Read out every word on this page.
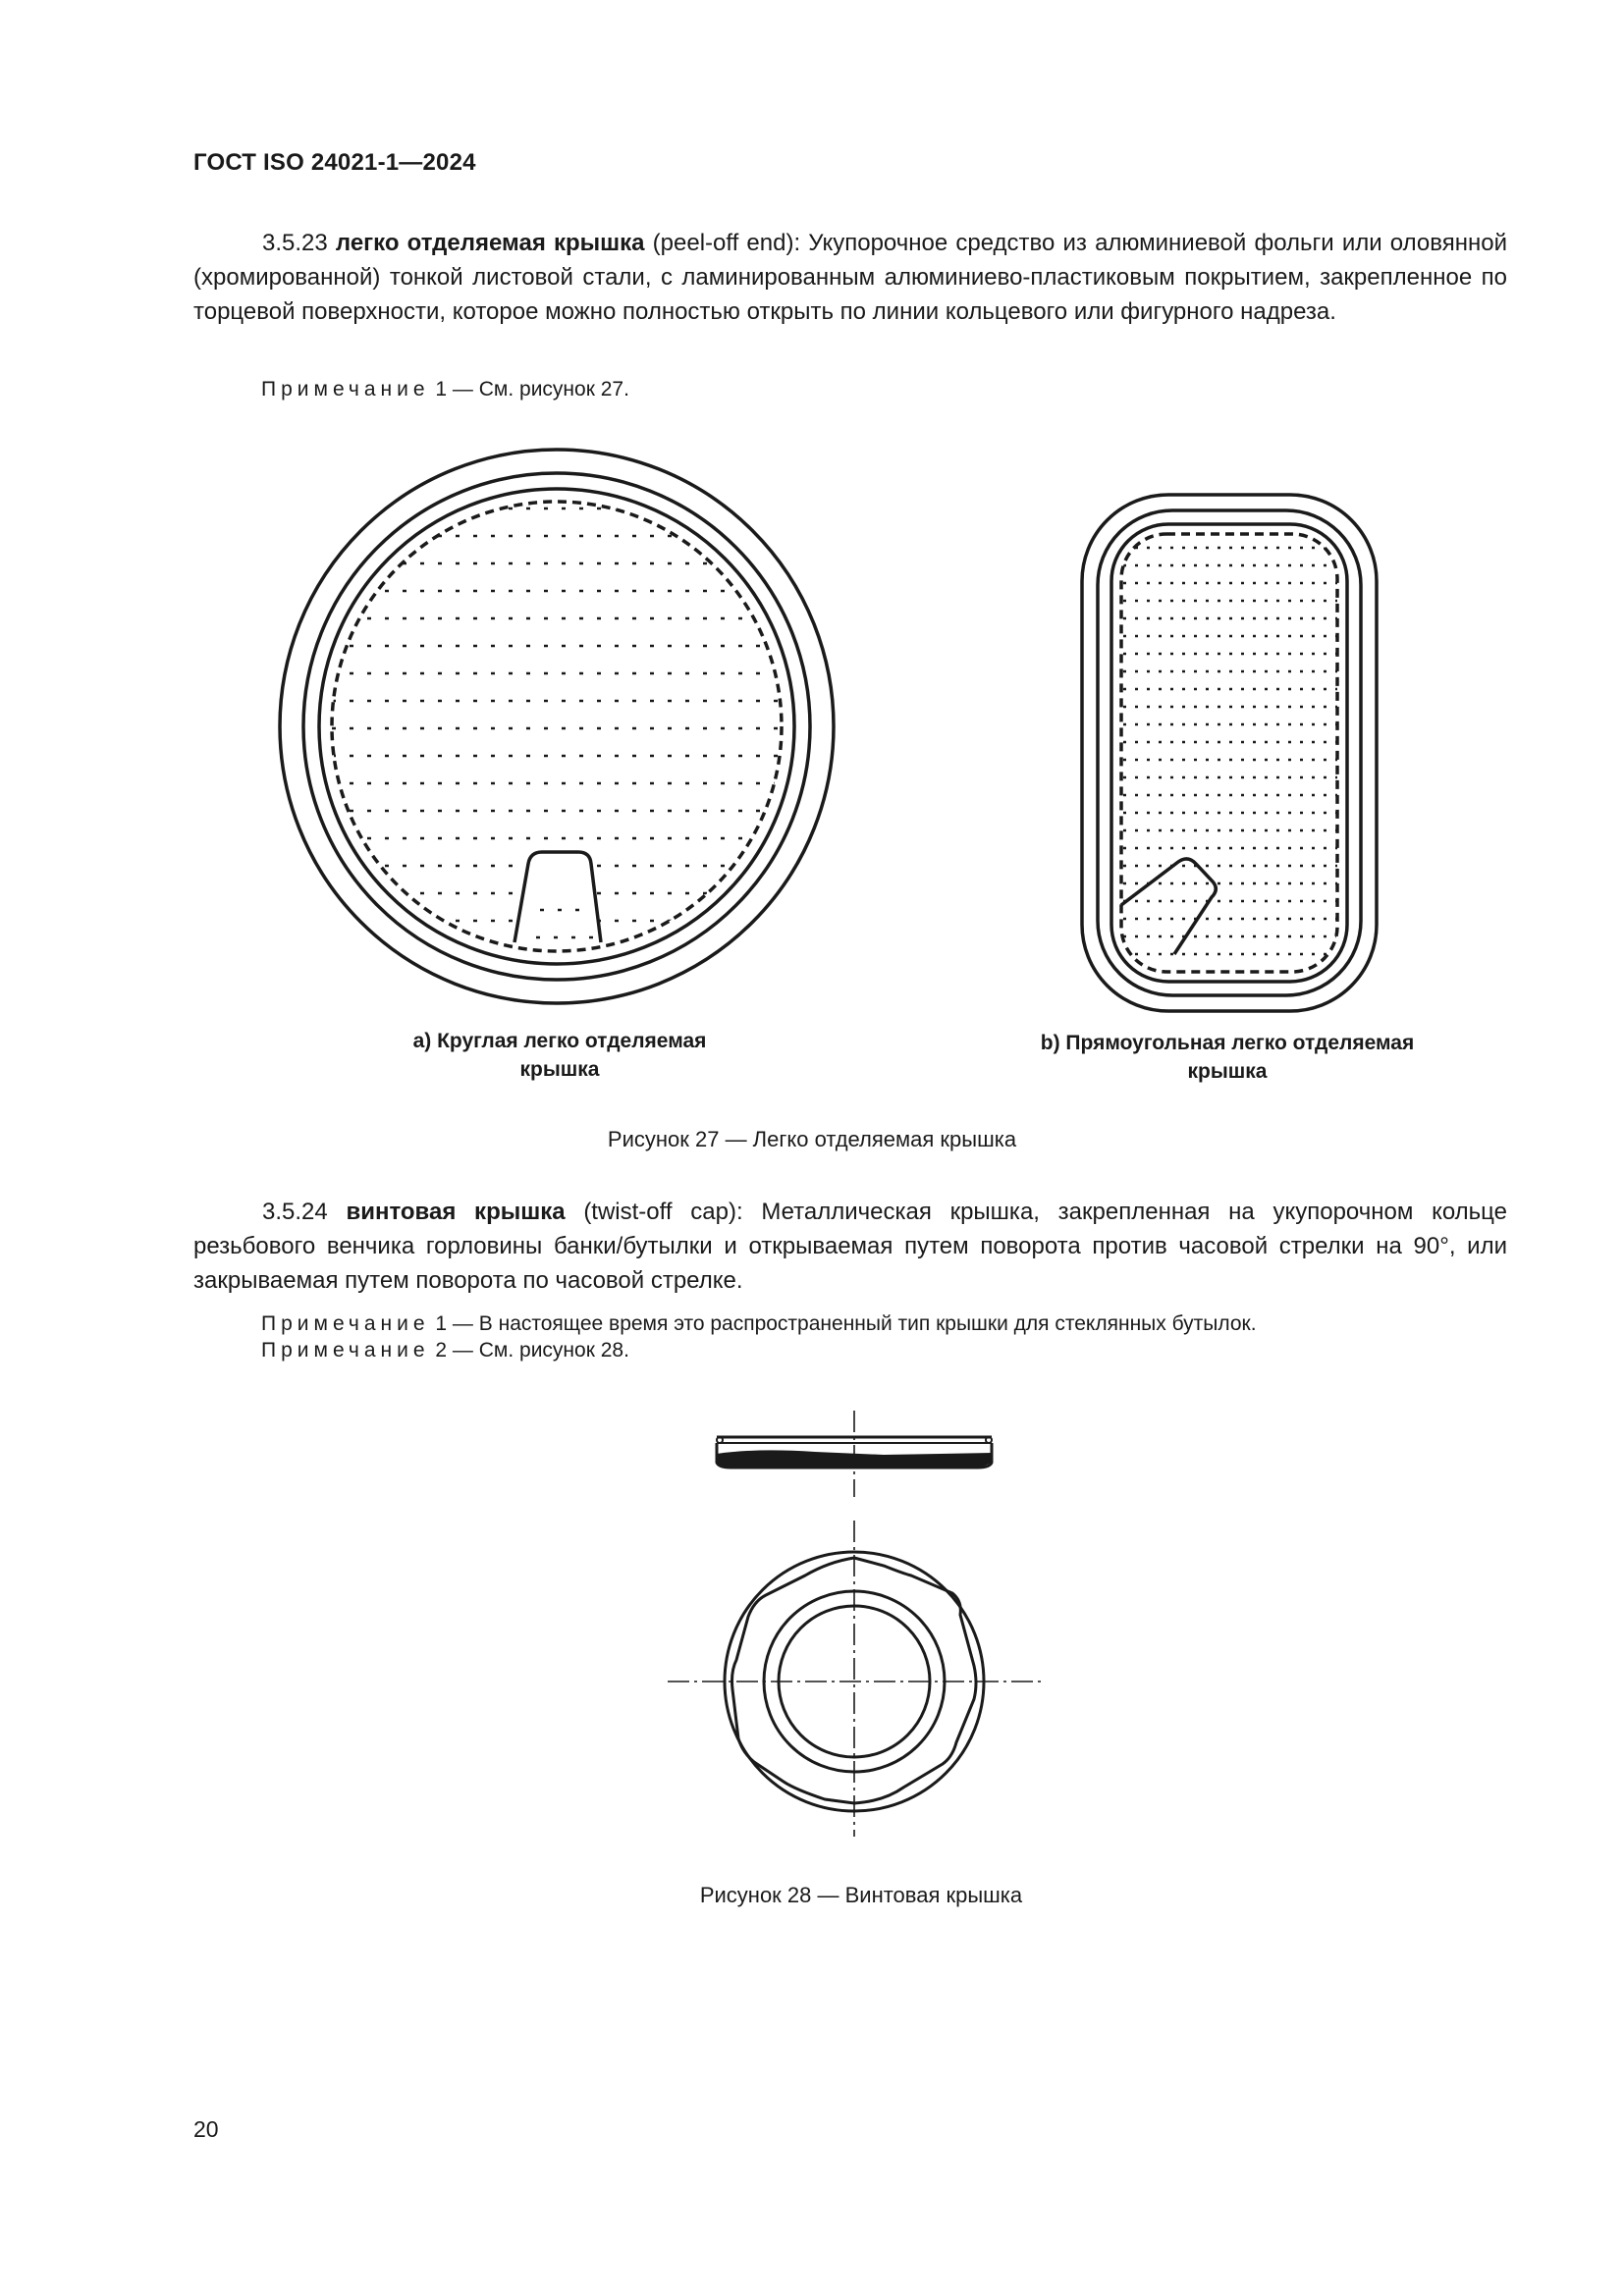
ГОСТ ISO 24021-1—2024
3.5.23 легко отделяемая крышка (peel-off end): Укупорочное средство из алюминиевой фольги или оловянной (хромированной) тонкой листовой стали, с ламинированным алюминиево-пластиковым покрытием, закрепленное по торцевой поверхности, которое можно полностью открыть по линии кольцевого или фигурного надреза.
Примечание 1 — См. рисунок 27.
a) Круглая легко отделяемая
крышка
b) Прямоугольная легко отделяемая
крышка
Рисунок 27 — Легко отделяемая крышка
3.5.24 винтовая крышка (twist-off cap): Металлическая крышка, закрепленная на укупорочном кольце резьбового венчика горловины банки/бутылки и открываемая путем поворота против часовой стрелки на 90°, или закрываемая путем поворота по часовой стрелке.
Примечание 1 — В настоящее время это распространенный тип крышки для стеклянных бутылок.
Примечание 2 — См. рисунок 28.
Рисунок 28 — Винтовая крышка
20
